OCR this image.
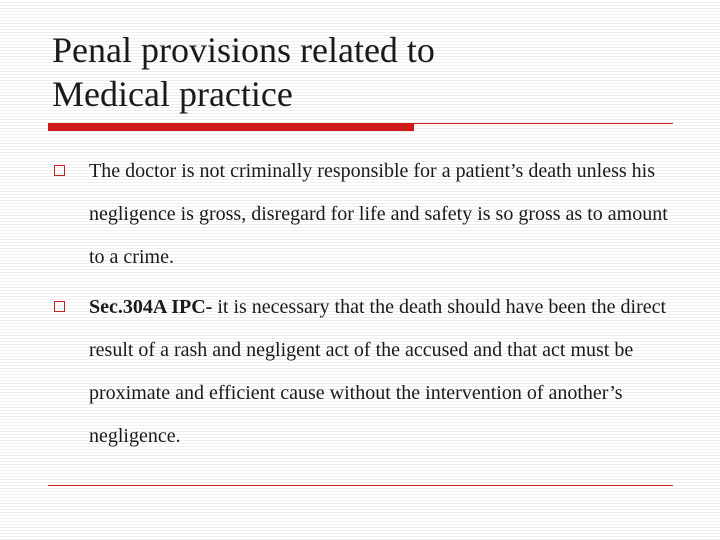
Penal provisions related to
Medical practice
The doctor is not criminally responsible for a patient’s death unless his negligence is gross, disregard for life and safety is so gross as to amount to a crime.
Sec.304A IPC- it is necessary that the death should have been the direct result of a rash and negligent act of the accused and that act must be proximate and efficient cause without the intervention of another’s negligence.
